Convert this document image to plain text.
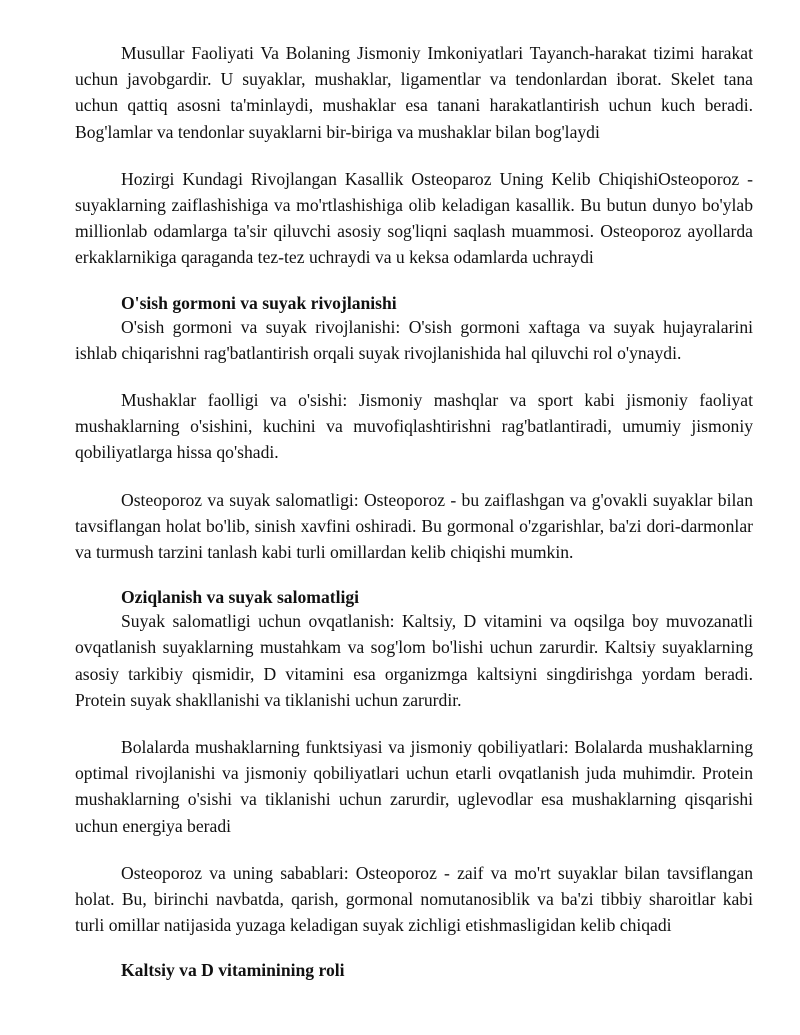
Musullar Faoliyati Va Bolaning Jismoniy Imkoniyatlari Tayanch-harakat tizimi harakat uchun javobgardir. U suyaklar, mushaklar, ligamentlar va tendonlardan iborat. Skelet tana uchun qattiq asosni ta'minlaydi, mushaklar esa tanani harakatlantirish uchun kuch beradi. Bog'lamlar va tendonlar suyaklarni bir-biriga va mushaklar bilan bog'laydi

Hozirgi Kundagi Rivojlangan Kasallik Osteoparoz Uning Kelib ChiqishiOsteoporoz - suyaklarning zaiflashishiga va mo'rtlashishiga olib keladigan kasallik. Bu butun dunyo bo'ylab millionlab odamlarga ta'sir qiluvchi asosiy sog'liqni saqlash muammosi. Osteoporoz ayollarda erkaklarnikiga qaraganda tez-tez uchraydi va u keksa odamlarda uchraydi

O'sish gormoni va suyak rivojlanishi

O'sish gormoni va suyak rivojlanishi: O'sish gormoni xaftaga va suyak hujayralarini ishlab chiqarishni rag'batlantirish orqali suyak rivojlanishida hal qiluvchi rol o'ynaydi.

Mushaklar faolligi va o'sishi: Jismoniy mashqlar va sport kabi jismoniy faoliyat mushaklarning o'sishini, kuchini va muvofiqlashtirishni rag'batlantiradi, umumiy jismoniy qobiliyatlarga hissa qo'shadi.

Osteoporoz va suyak salomatligi: Osteoporoz - bu zaiflashgan va g'ovakli suyaklar bilan tavsiflangan holat bo'lib, sinish xavfini oshiradi. Bu gormonal o'zgarishlar, ba'zi dori-darmonlar va turmush tarzini tanlash kabi turli omillardan kelib chiqishi mumkin.

Oziqlanish va suyak salomatligi

Suyak salomatligi uchun ovqatlanish: Kaltsiy, D vitamini va oqsilga boy muvozanatli ovqatlanish suyaklarning mustahkam va sog'lom bo'lishi uchun zarurdir. Kaltsiy suyaklarning asosiy tarkibiy qismidir, D vitamini esa organizmga kaltsiyni singdirishga yordam beradi. Protein suyak shakllanishi va tiklanishi uchun zarurdir.

Bolalarda mushaklarning funktsiyasi va jismoniy qobiliyatlari: Bolalarda mushaklarning optimal rivojlanishi va jismoniy qobiliyatlari uchun etarli ovqatlanish juda muhimdir. Protein mushaklarning o'sishi va tiklanishi uchun zarurdir, uglevodlar esa mushaklarning qisqarishi uchun energiya beradi

Osteoporoz va uning sabablari: Osteoporoz - zaif va mo'rt suyaklar bilan tavsiflangan holat. Bu, birinchi navbatda, qarish, gormonal nomutanosiblik va ba'zi tibbiy sharoitlar kabi turli omillar natijasida yuzaga keladigan suyak zichligi etishmasligidan kelib chiqadi

Kaltsiy va D vitaminining roli
